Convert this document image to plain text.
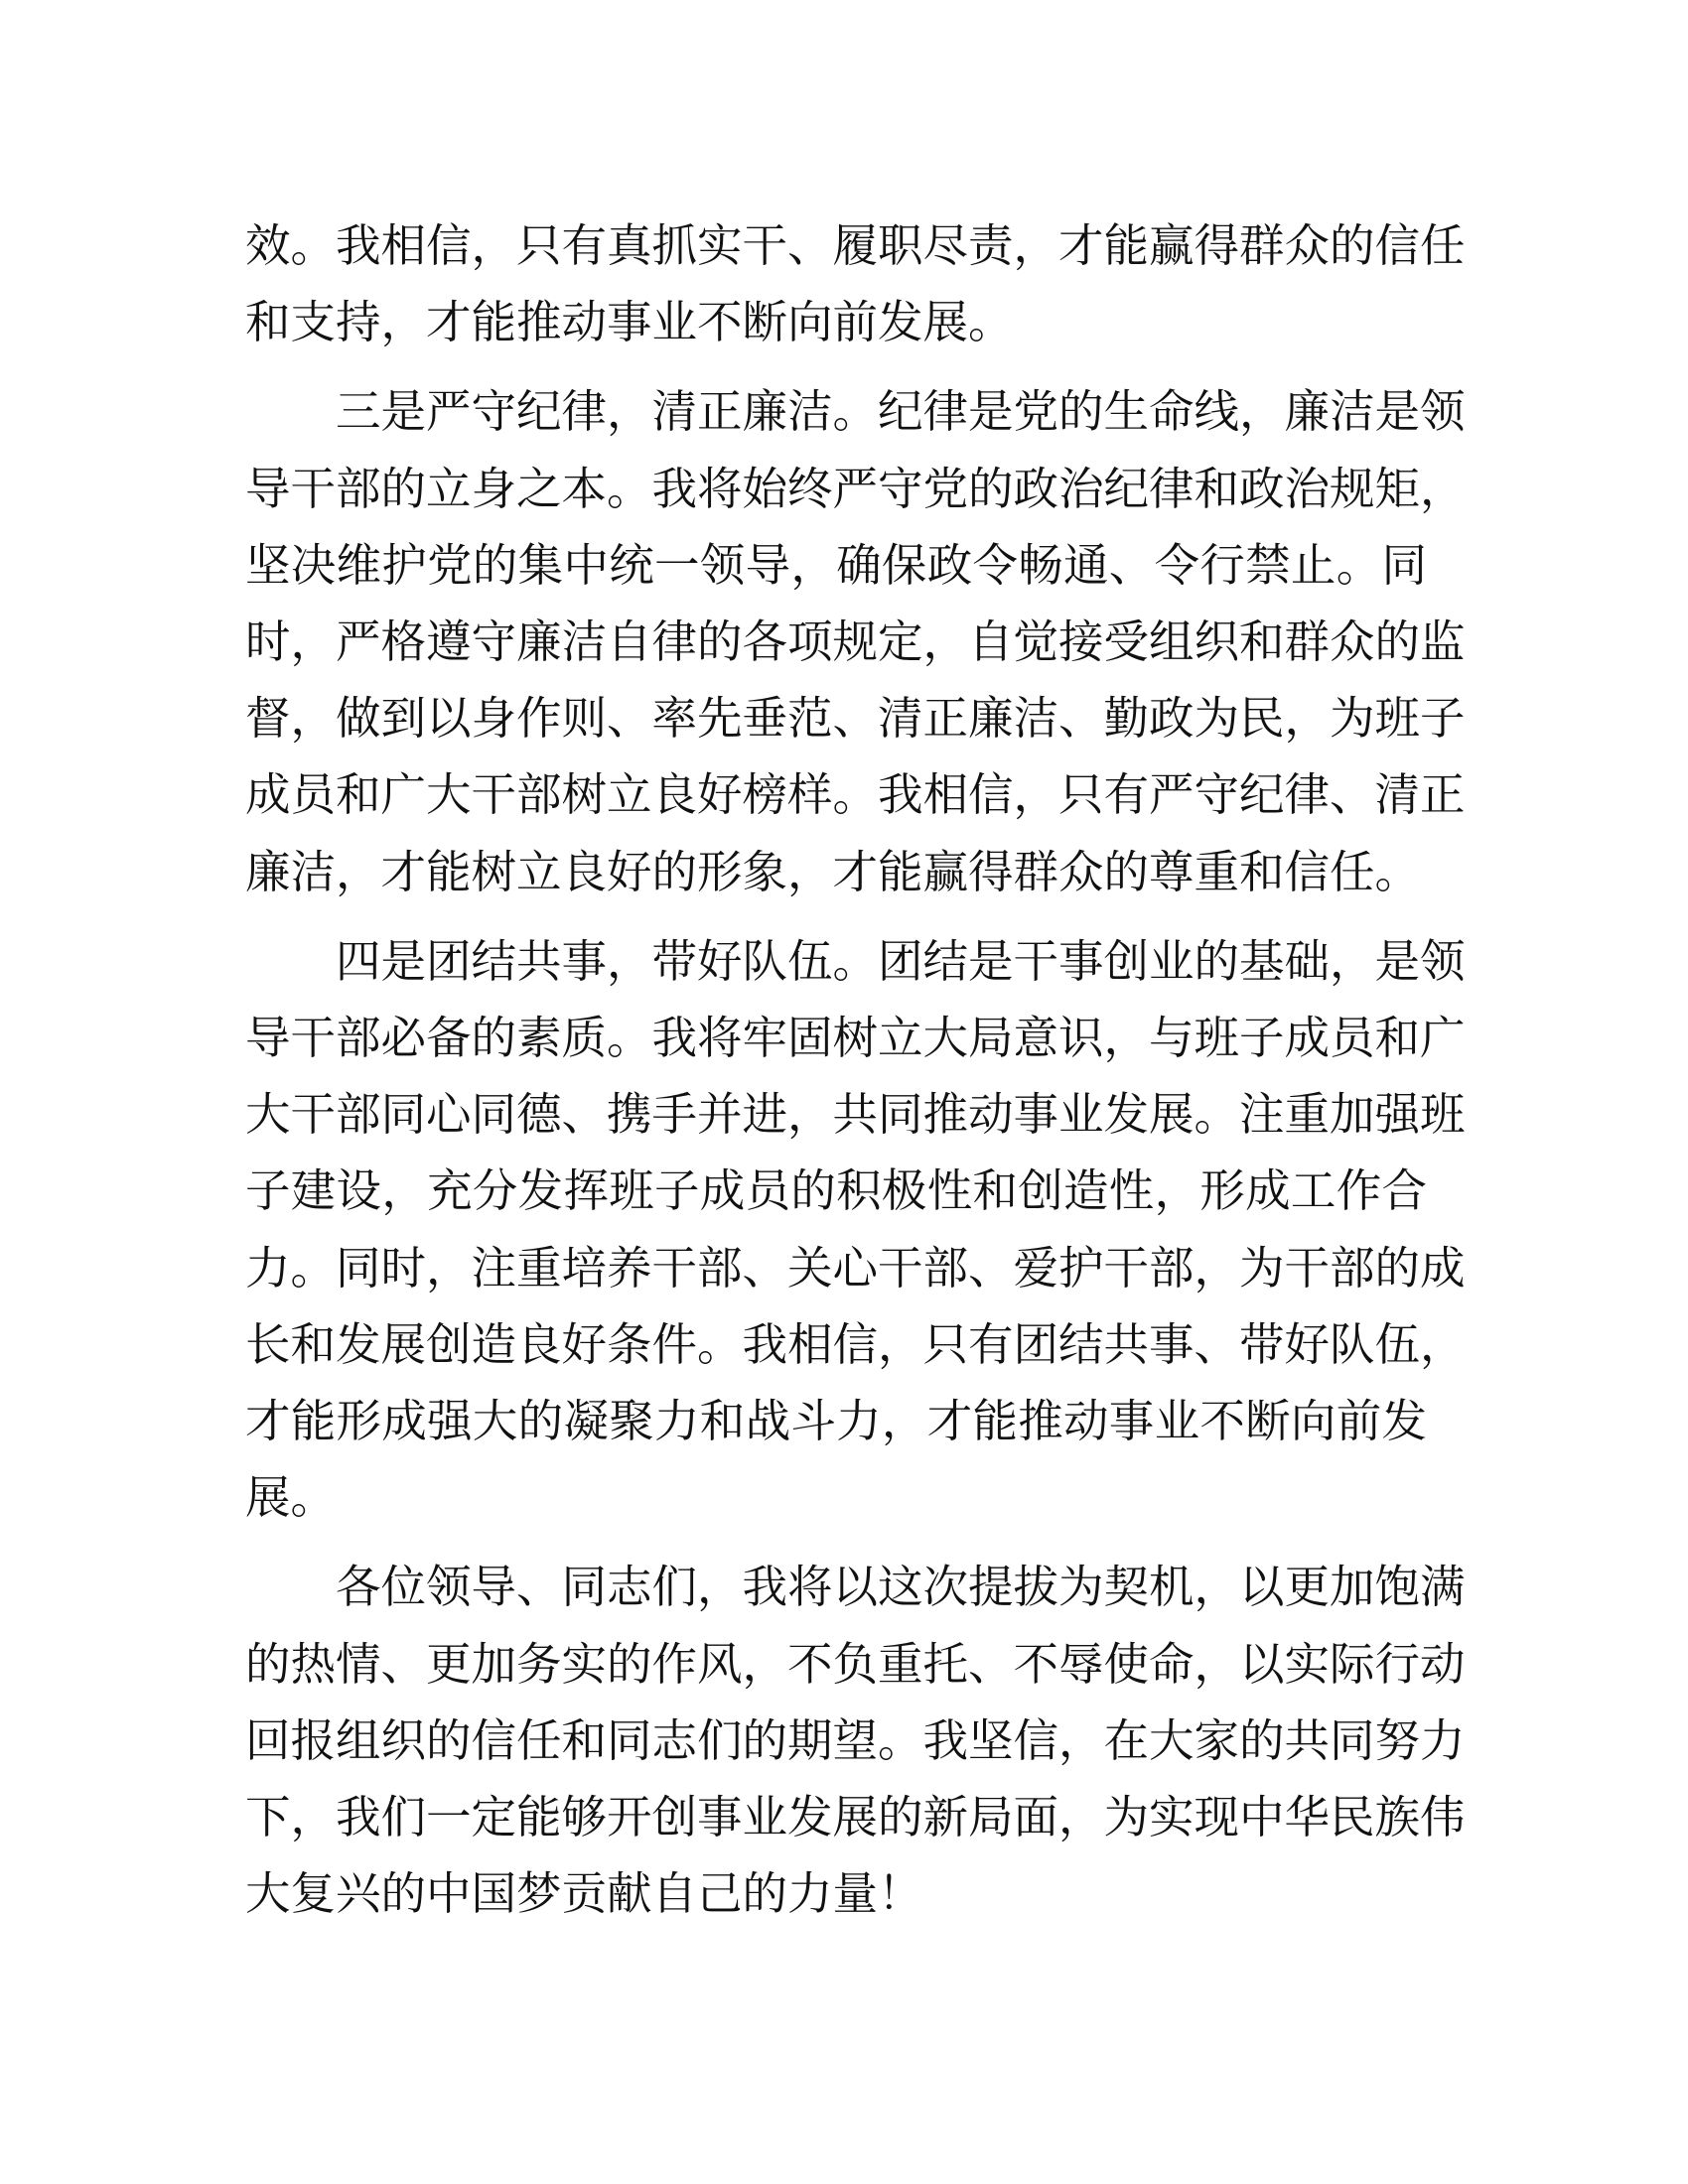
效。我相信，只有真抓实干、履职尽责，才能赢得群众的信任
和支持，才能推动事业不断向前发展。
三是严守纪律，清正廉洁。纪律是党的生命线，廉洁是领
导干部的立身之本。我将始终严守党的政治纪律和政治规矩，
坚决维护党的集中统一领导，确保政令畅通、令行禁止。同
时，严格遵守廉洁自律的各项规定，自觉接受组织和群众的监
督，做到以身作则、率先垂范、清正廉洁、勤政为民，为班子
成员和广大干部树立良好榜样。我相信，只有严守纪律、清正
廉洁，才能树立良好的形象，才能赢得群众的尊重和信任。
四是团结共事，带好队伍。团结是干事创业的基础，是领
导干部必备的素质。我将牢固树立大局意识，与班子成员和广
大干部同心同德、携手并进，共同推动事业发展。注重加强班
子建设，充分发挥班子成员的积极性和创造性，形成工作合
力。同时，注重培养干部、关心干部、爱护干部，为干部的成
长和发展创造良好条件。我相信，只有团结共事、带好队伍，
才能形成强大的凝聚力和战斗力，才能推动事业不断向前发
展。
各位领导、同志们，我将以这次提拔为契机，以更加饱满
的热情、更加务实的作风，不负重托、不辱使命，以实际行动
回报组织的信任和同志们的期望。我坚信，在大家的共同努力
下，我们一定能够开创事业发展的新局面，为实现中华民族伟
大复兴的中国梦贡献自己的力量！
